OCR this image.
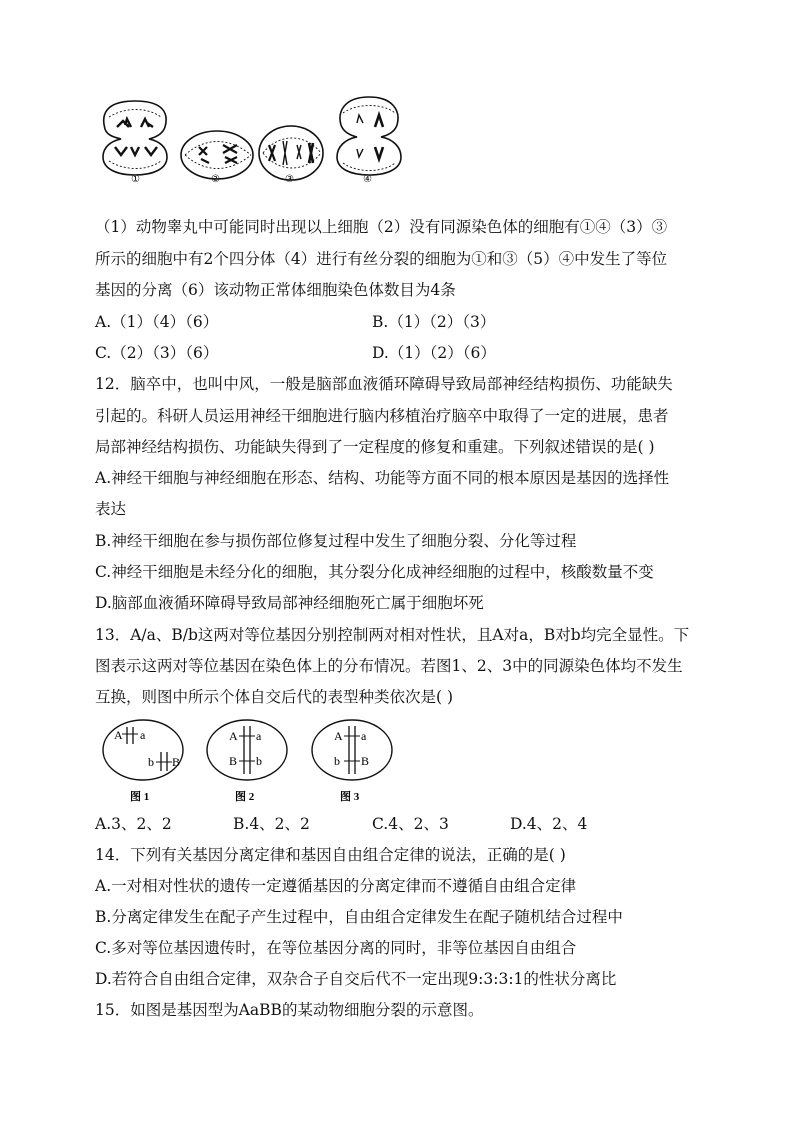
①	②	③	④
（1）动物睾丸中可能同时出现以上细胞（2）没有同源染色体的细胞有①④（3）③
所示的细胞中有2个四分体（4）进行有丝分裂的细胞为①和③（5）④中发生了等位
基因的分离（6）该动物正常体细胞染色体数目为4条
A.（1）（4）（6）	B.（1）（2）（3）
C.（2）（3）（6）	D.（1）（2）（6）
12．脑卒中，也叫中风，一般是脑部血液循环障碍导致局部神经结构损伤、功能缺失
引起的。科研人员运用神经干细胞进行脑内移植治疗脑卒中取得了一定的进展，患者
局部神经结构损伤、功能缺失得到了一定程度的修复和重建。下列叙述错误的是( )
A.神经干细胞与神经细胞在形态、结构、功能等方面不同的根本原因是基因的选择性
表达
B.神经干细胞在参与损伤部位修复过程中发生了细胞分裂、分化等过程
C.神经干细胞是未经分化的细胞，其分裂分化成神经细胞的过程中，核酸数量不变
D.脑部血液循环障碍导致局部神经细胞死亡属于细胞坏死
13．A/a、B/b这两对等位基因分别控制两对相对性状，且A对a，B对b均完全显性。下
图表示这两对等位基因在染色体上的分布情况。若图1、2、3中的同源染色体均不发生
互换，则图中所示个体自交后代的表型种类依次是( )
A a
b B
图 1
A a
B b
图 2
A a
b B
图 3
A.3、2、2	B.4、2、2	C.4、2、3	D.4、2、4
14．下列有关基因分离定律和基因自由组合定律的说法，正确的是( )
A.一对相对性状的遗传一定遵循基因的分离定律而不遵循自由组合定律
B.分离定律发生在配子产生过程中，自由组合定律发生在配子随机结合过程中
C.多对等位基因遗传时，在等位基因分离的同时，非等位基因自由组合
D.若符合自由组合定律，双杂合子自交后代不一定出现9:3:3:1的性状分离比
15．如图是基因型为AaBB的某动物细胞分裂的示意图。
